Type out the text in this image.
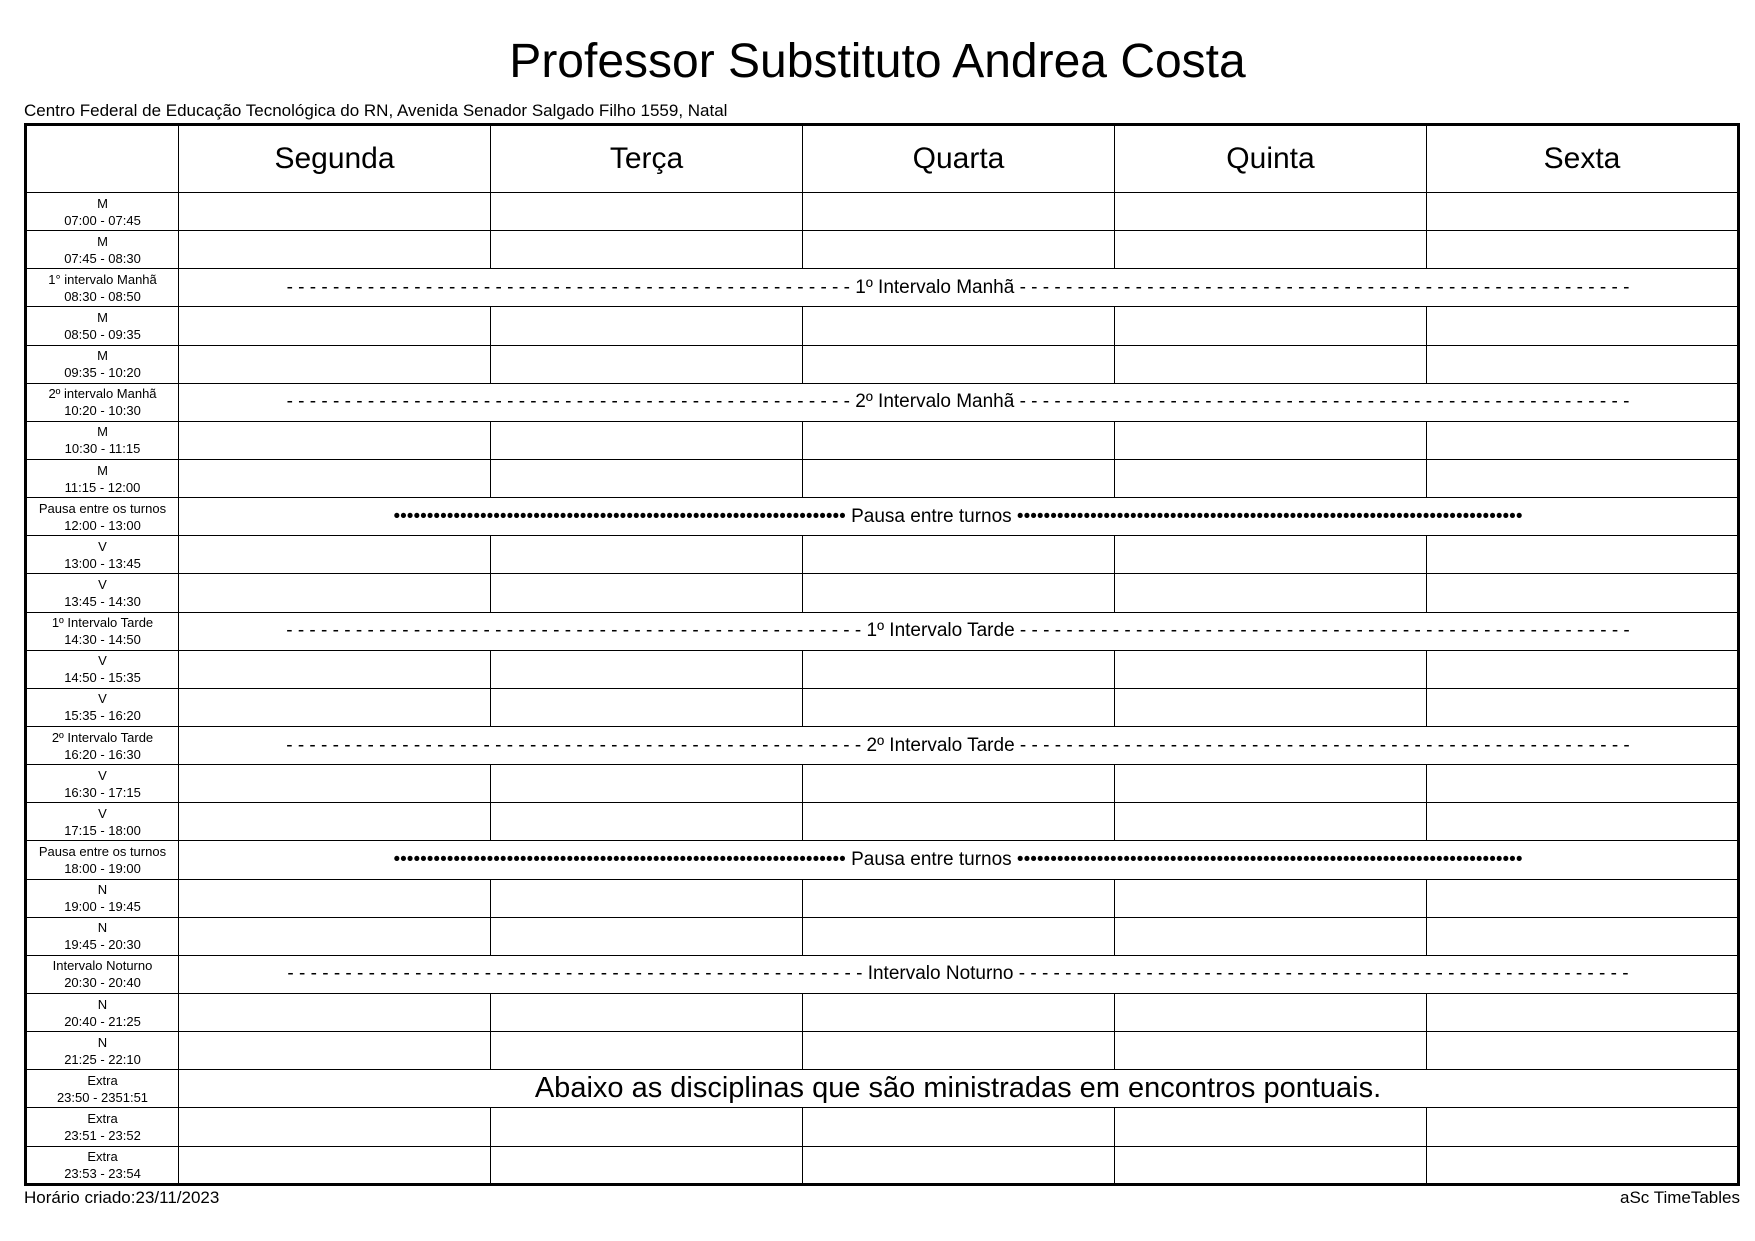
Professor Substituto Andrea Costa
Centro Federal de Educação Tecnológica do RN, Avenida Senador Salgado Filho 1559, Natal
	Segunda	Terça	Quarta	Quinta	Sexta

M
07:00 - 07:45					

M
07:45 - 08:30					

1° intervalo Manhã
08:30 - 08:50	- - - - - - - - - - - - - - - - - - - - - - - - - - - - - - - - - - - - - - - - - - - - - - - - - 1º Intervalo Manhã - - - - - - - - - - - - - - - - - - - - - - - - - - - - - - - - - - - - - - - - - - - - - - - - - - - - -				

M
08:50 - 09:35					

M
09:35 - 10:20					

2º intervalo Manhã
10:20 - 10:30	- - - - - - - - - - - - - - - - - - - - - - - - - - - - - - - - - - - - - - - - - - - - - - - - - 2º Intervalo Manhã - - - - - - - - - - - - - - - - - - - - - - - - - - - - - - - - - - - - - - - - - - - - - - - - - - - - -				

M
10:30 - 11:15					

M
11:15 - 12:00					

Pausa entre os turnos
12:00 - 13:00	•••••••••••••••••••••••••••••••••••••••••••••••••••••••••••••••••••• Pausa entre turnos ••••••••••••••••••••••••••••••••••••••••••••••••••••••••••••••••••••••••••••				

V
13:00 - 13:45					

V
13:45 - 14:30					

1º Intervalo Tarde
14:30 - 14:50	- - - - - - - - - - - - - - - - - - - - - - - - - - - - - - - - - - - - - - - - - - - - - - - - - - 1º Intervalo Tarde - - - - - - - - - - - - - - - - - - - - - - - - - - - - - - - - - - - - - - - - - - - - - - - - - - - - -				

V
14:50 - 15:35					

V
15:35 - 16:20					

2º Intervalo Tarde
16:20 - 16:30	- - - - - - - - - - - - - - - - - - - - - - - - - - - - - - - - - - - - - - - - - - - - - - - - - - 2º Intervalo Tarde - - - - - - - - - - - - - - - - - - - - - - - - - - - - - - - - - - - - - - - - - - - - - - - - - - - - -				

V
16:30 - 17:15					

V
17:15 - 18:00					

Pausa entre os turnos
18:00 - 19:00	•••••••••••••••••••••••••••••••••••••••••••••••••••••••••••••••••••• Pausa entre turnos ••••••••••••••••••••••••••••••••••••••••••••••••••••••••••••••••••••••••••••				

N
19:00 - 19:45					

N
19:45 - 20:30					

Intervalo Noturno
20:30 - 20:40	- - - - - - - - - - - - - - - - - - - - - - - - - - - - - - - - - - - - - - - - - - - - - - - - - - Intervalo Noturno - - - - - - - - - - - - - - - - - - - - - - - - - - - - - - - - - - - - - - - - - - - - - - - - - - - - -				

N
20:40 - 21:25					

N
21:25 - 22:10					

Extra
23:50 - 2351:51	Abaixo as disciplinas que são ministradas em encontros pontuais.				

Extra
23:51 - 23:52					

Extra
23:53 - 23:54					

Horário criado:23/11/2023	aSc TimeTables
